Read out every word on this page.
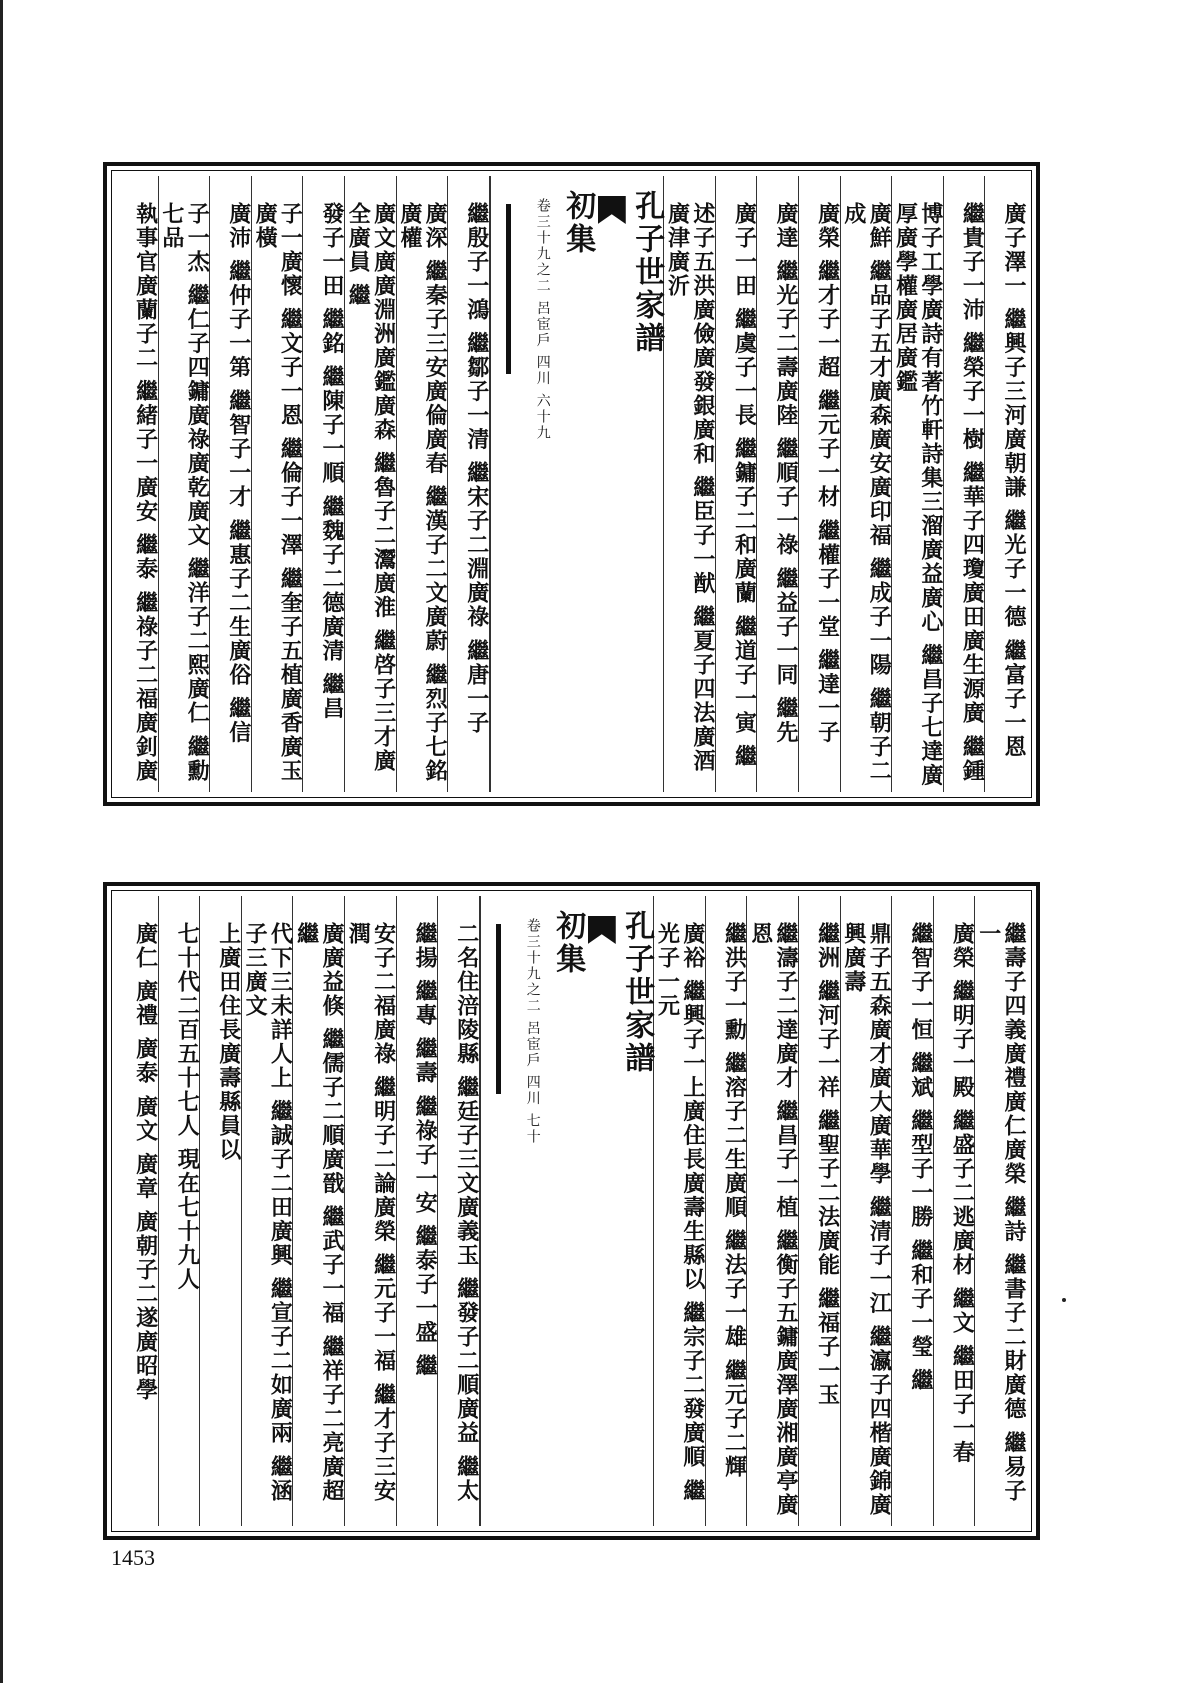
廣子澤一 繼興子三河廣朝謙 繼光子一德 繼富子一恩
繼貴子一沛 繼榮子一樹 繼華子四瓊廣田廣生源廣 繼鍾
博子工學廣詩有著竹軒詩集三溜廣益廣心 繼昌子七達廣厚廣學權廣居廣鑑
廣鮮 繼品子五才廣森廣安廣印福 繼成子一陽 繼朝子二成
廣榮 繼才子一超 繼元子一材 繼權子一堂 繼達一子
廣達 繼光子二壽廣陸 繼順子一祿 繼益子一同 繼先
廣子一田 繼虞子一長 繼鏞子二和廣蘭 繼道子一寅 繼
述子五洪廣儉廣發銀廣和 繼臣子一猷 繼夏子四法廣酒廣津廣沂
孔子世家譜

初集
卷三十九之二 呂宦戶 四川 六十九

繼殷子一鴻 繼鄒子一清 繼宋子二淵廣祿 繼唐一子
廣深 繼秦子三安廣倫廣春 繼漢子二文廣蔚 繼烈子七銘廣權
廣文廣廣淵洲廣鑑廣森 繼魯子二灊廣淮 繼啓子三才廣全廣員 繼
發子一田 繼銘 繼陳子一順 繼魏子二德廣清 繼昌
子一廣懷 繼文子一恩 繼倫子一澤 繼奎子五植廣香廣玉廣橫
廣沛 繼仲子一第 繼智子一才 繼惠子二生廣俗 繼信
子一杰 繼仁子四鏞廣祿廣乾廣文 繼洋子二熙廣仁 繼勳七品
執事官廣蘭子二 繼緒子一廣安 繼泰 繼祿子二福廣釗廣
繼壽子四義廣禮廣仁廣榮 繼詩 繼書子二財廣德 繼易子一
廣榮 繼明子一殿 繼盛子二逃廣材 繼文 繼田子一春
繼智子一恒 繼斌 繼型子一勝 繼和子一瑩 繼
鼎子五森廣才廣大廣華學 繼清子一江 繼瀛子四楷廣錦廣興廣壽
繼洲 繼河子一祥 繼聖子二法廣能 繼福子一玉
繼濤子二達廣才 繼昌子一植 繼衡子五鏞廣澤廣湘廣亭廣恩
繼洪子一勳 繼溶子二生廣順 繼法子一雄 繼元子二輝
廣裕 繼興子一上廣住長廣壽生縣以 繼宗子二發廣順 繼光子一元
孔子世家譜

初集
卷三十九之二 呂宦戶 四川 七十

二名住涪陵縣 繼廷子三文廣義玉 繼發子二順廣益 繼太
繼揚 繼專 繼壽 繼祿子一安 繼泰子一盛 繼
安子二福廣祿 繼明子二論廣榮 繼元子一福 繼才子三安潤
廣廣益倏 繼儒子二順廣戩 繼武子一福 繼祥子二亮廣超 繼
代下三未詳人上 繼誠子二田廣興 繼宣子二如廣兩 繼涵子三廣文
上廣田住長廣壽縣員以
七十代二百五十七人 現在七十九人
廣仁 廣禮 廣泰 廣文 廣章 廣朝子二遂廣昭學
1453
